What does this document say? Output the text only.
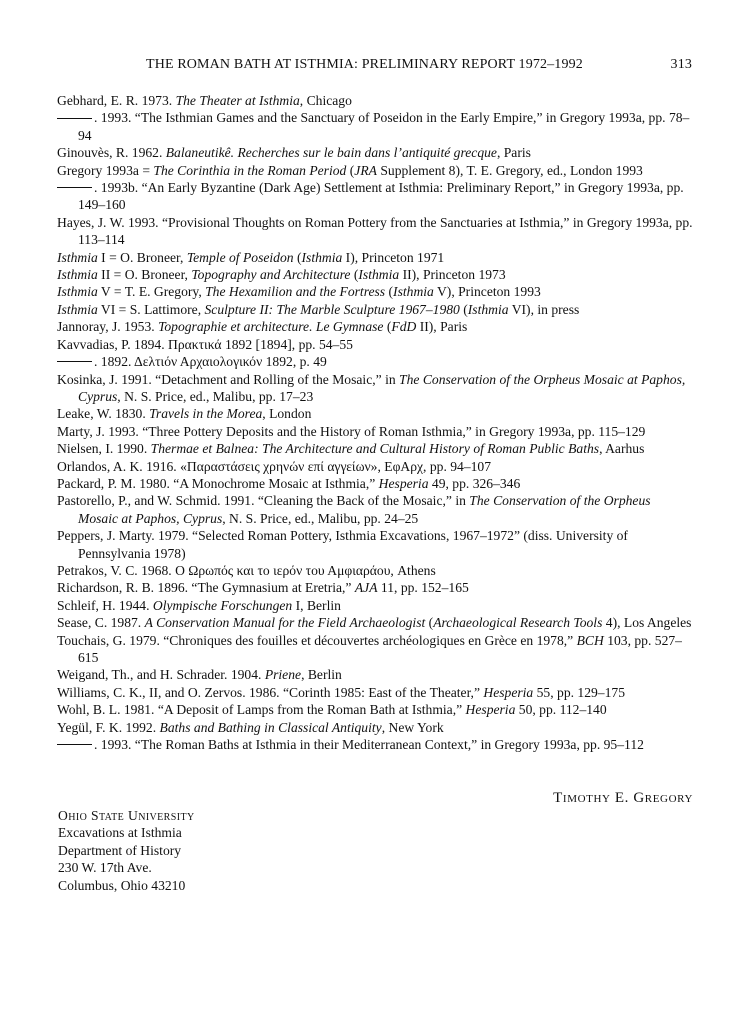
THE ROMAN BATH AT ISTHMIA: PRELIMINARY REPORT 1972–1992	313
Gebhard, E. R. 1973. The Theater at Isthmia, Chicago
. 1993. “The Isthmian Games and the Sanctuary of Poseidon in the Early Empire,” in Gregory 1993a, pp. 78–94
Ginouvès, R. 1962. Balaneutikê. Recherches sur le bain dans l’antiquité grecque, Paris
Gregory 1993a = The Corinthia in the Roman Period (JRA Supplement 8), T. E. Gregory, ed., London 1993
. 1993b. “An Early Byzantine (Dark Age) Settlement at Isthmia: Preliminary Report,” in Gregory 1993a, pp. 149–160
Hayes, J. W. 1993. “Provisional Thoughts on Roman Pottery from the Sanctuaries at Isthmia,” in Gregory 1993a, pp. 113–114
Isthmia I = O. Broneer, Temple of Poseidon (Isthmia I), Princeton 1971
Isthmia II = O. Broneer, Topography and Architecture (Isthmia II), Princeton 1973
Isthmia V = T. E. Gregory, The Hexamilion and the Fortress (Isthmia V), Princeton 1993
Isthmia VI = S. Lattimore, Sculpture II: The Marble Sculpture 1967–1980 (Isthmia VI), in press
Jannoray, J. 1953. Topographie et architecture. Le Gymnase (FdD II), Paris
Kavvadias, P. 1894. Πρακτικά 1892 [1894], pp. 54–55
. 1892. Δελτιόν Αρχαιολογικόν 1892, p. 49
Kosinka, J. 1991. “Detachment and Rolling of the Mosaic,” in The Conservation of the Orpheus Mosaic at Paphos, Cyprus, N. S. Price, ed., Malibu, pp. 17–23
Leake, W. 1830. Travels in the Morea, London
Marty, J. 1993. “Three Pottery Deposits and the History of Roman Isthmia,” in Gregory 1993a, pp. 115–129
Nielsen, I. 1990. Thermae et Balnea: The Architecture and Cultural History of Roman Public Baths, Aarhus
Orlandos, A. K. 1916. «Παραστάσεις χρηνών επί αγγείων», ΕφΑρχ, pp. 94–107
Packard, P. M. 1980. “A Monochrome Mosaic at Isthmia,” Hesperia 49, pp. 326–346
Pastorello, P., and W. Schmid. 1991. “Cleaning the Back of the Mosaic,” in The Conservation of the Orpheus Mosaic at Paphos, Cyprus, N. S. Price, ed., Malibu, pp. 24–25
Peppers, J. Marty. 1979. “Selected Roman Pottery, Isthmia Excavations, 1967–1972” (diss. University of Pennsylvania 1978)
Petrakos, V. C. 1968. Ο Ωρωπός και το ιερόν του Αμφιαράου, Athens
Richardson, R. B. 1896. “The Gymnasium at Eretria,” AJA 11, pp. 152–165
Schleif, H. 1944. Olympische Forschungen I, Berlin
Sease, C. 1987. A Conservation Manual for the Field Archaeologist (Archaeological Research Tools 4), Los Angeles
Touchais, G. 1979. “Chroniques des fouilles et découvertes archéologiques en Grèce en 1978,” BCH 103, pp. 527–615
Weigand, Th., and H. Schrader. 1904. Priene, Berlin
Williams, C. K., II, and O. Zervos. 1986. “Corinth 1985: East of the Theater,” Hesperia 55, pp. 129–175
Wohl, B. L. 1981. “A Deposit of Lamps from the Roman Bath at Isthmia,” Hesperia 50, pp. 112–140
Yegül, F. K. 1992. Baths and Bathing in Classical Antiquity, New York
. 1993. “The Roman Baths at Isthmia in their Mediterranean Context,” in Gregory 1993a, pp. 95–112
Timothy E. Gregory
Ohio State University
Excavations at Isthmia
Department of History
230 W. 17th Ave.
Columbus, Ohio 43210
